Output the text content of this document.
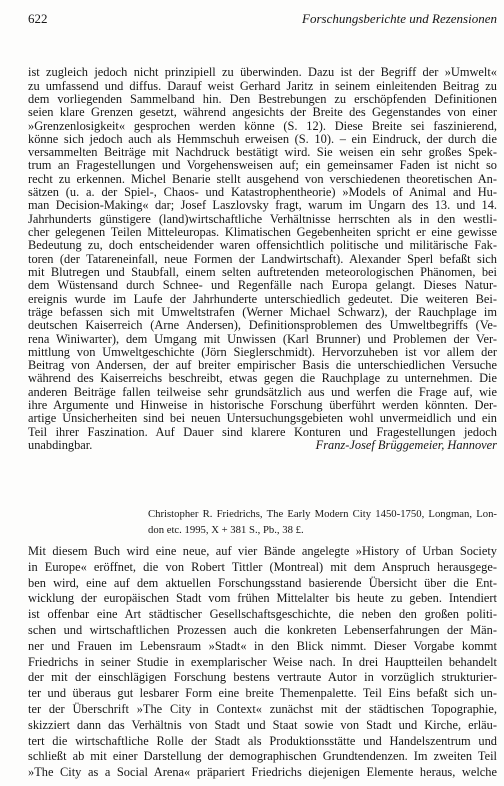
622	Forschungsberichte und Rezensionen
ist zugleich jedoch nicht prinzipiell zu überwinden. Dazu ist der Begriff der »Umwelt«
zu umfassend und diffus. Darauf weist Gerhard Jaritz in seinem einleitenden Beitrag zu
dem vorliegenden Sammelband hin. Den Bestrebungen zu erschöpfenden Definitionen
seien klare Grenzen gesetzt, während angesichts der Breite des Gegenstandes von einer
»Grenzenlosigkeit« gesprochen werden könne (S. 12). Diese Breite sei faszinierend,
könne sich jedoch auch als Hemmschuh erweisen (S. 10). – ein Eindruck, der durch die
versammelten Beiträge mit Nachdruck bestätigt wird. Sie weisen ein sehr großes Spek-
trum an Fragestellungen und Vorgehensweisen auf; ein gemeinsamer Faden ist nicht so
recht zu erkennen. Michel Benarie stellt ausgehend von verschiedenen theoretischen An-
sätzen (u. a. der Spiel-, Chaos- und Katastrophentheorie) »Models of Animal and Hu-
man Decision-Making« dar; Josef Laszlovsky fragt, warum im Ungarn des 13. und 14.
Jahrhunderts günstigere (land)wirtschaftliche Verhältnisse herrschten als in den westli-
cher gelegenen Teilen Mitteleuropas. Klimatischen Gegebenheiten spricht er eine gewisse
Bedeutung zu, doch entscheidender waren offensichtlich politische und militärische Fak-
toren (der Tatareneinfall, neue Formen der Landwirtschaft). Alexander Sperl befaßt sich
mit Blutregen und Staubfall, einem selten auftretenden meteorologischen Phänomen, bei
dem Wüstensand durch Schnee- und Regenfälle nach Europa gelangt. Dieses Natur-
ereignis wurde im Laufe der Jahrhunderte unterschiedlich gedeutet. Die weiteren Bei-
träge befassen sich mit Umweltstrafen (Werner Michael Schwarz), der Rauchplage im
deutschen Kaiserreich (Arne Andersen), Definitionsproblemen des Umweltbegriffs (Ve-
rena Winiwarter), dem Umgang mit Unwissen (Karl Brunner) und Problemen der Ver-
mittlung von Umweltgeschichte (Jörn Sieglerschmidt). Hervorzuheben ist vor allem der
Beitrag von Andersen, der auf breiter empirischer Basis die unterschiedlichen Versuche
während des Kaiserreichs beschreibt, etwas gegen die Rauchplage zu unternehmen. Die
anderen Beiträge fallen teilweise sehr grundsätzlich aus und werfen die Frage auf, wie
ihre Argumente und Hinweise in historische Forschung überführt werden könnten. Der-
artige Unsicherheiten sind bei neuen Untersuchungsgebieten wohl unvermeidlich und ein
Teil ihrer Faszination. Auf Dauer sind klarere Konturen und Fragestellungen jedoch
unabdingbar.	Franz-Josef Brüggemeier, Hannover
Christopher R. Friedrichs, The Early Modern City 1450-1750, Longman, Lon-
don etc. 1995, X + 381 S., Pb., 38 £.
Mit diesem Buch wird eine neue, auf vier Bände angelegte »History of Urban Society
in Europe« eröffnet, die von Robert Tittler (Montreal) mit dem Anspruch herausgege-
ben wird, eine auf dem aktuellen Forschungsstand basierende Übersicht über die Ent-
wicklung der europäischen Stadt vom frühen Mittelalter bis heute zu geben. Intendiert
ist offenbar eine Art städtischer Gesellschaftsgeschichte, die neben den großen politi-
schen und wirtschaftlichen Prozessen auch die konkreten Lebenserfahrungen der Män-
ner und Frauen im Lebensraum »Stadt« in den Blick nimmt. Dieser Vorgabe kommt
Friedrichs in seiner Studie in exemplarischer Weise nach. In drei Hauptteilen behandelt
der mit der einschlägigen Forschung bestens vertraute Autor in vorzüglich strukturier-
ter und überaus gut lesbarer Form eine breite Themenpalette. Teil Eins befaßt sich un-
ter der Überschrift »The City in Context« zunächst mit der städtischen Topographie,
skizziert dann das Verhältnis von Stadt und Staat sowie von Stadt und Kirche, erläu-
tert die wirtschaftliche Rolle der Stadt als Produktionsstätte und Handelszentrum und
schließt ab mit einer Darstellung der demographischen Grundtendenzen. Im zweiten Teil
»The City as a Social Arena« präpariert Friedrichs diejenigen Elemente heraus, welche
